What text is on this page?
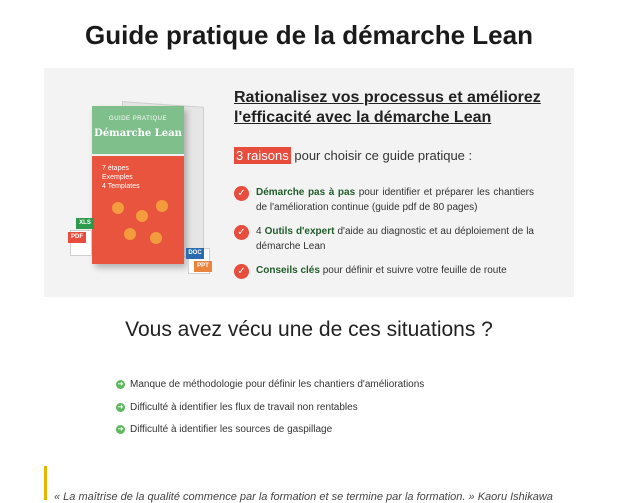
Guide pratique de la démarche Lean
GUIDE PRATIQUE
Démarche Lean
7 étapes
Exemples
4 Templates
XLS
PDF
DOC
PPT
Rationalisez vos processus et améliorez l'efficacité avec la démarche Lean
3 raisons pour choisir ce guide pratique :
✓	Démarche pas à pas pour identifier et préparer les chantiers de l'amélioration continue (guide pdf de 80 pages)
✓	4 Outils d'expert d'aide au diagnostic et au déploiement de la démarche Lean
✓	Conseils clés pour définir et suivre votre feuille de route
Vous avez vécu une de ces situations ?
➜ Manque de méthodologie pour définir les chantiers d'améliorations
➜ Difficulté à identifier les flux de travail non rentables
➜ Difficulté à identifier les sources de gaspillage
« La maîtrise de la qualité commence par la formation et se termine par la formation. » Kaoru Ishikawa
